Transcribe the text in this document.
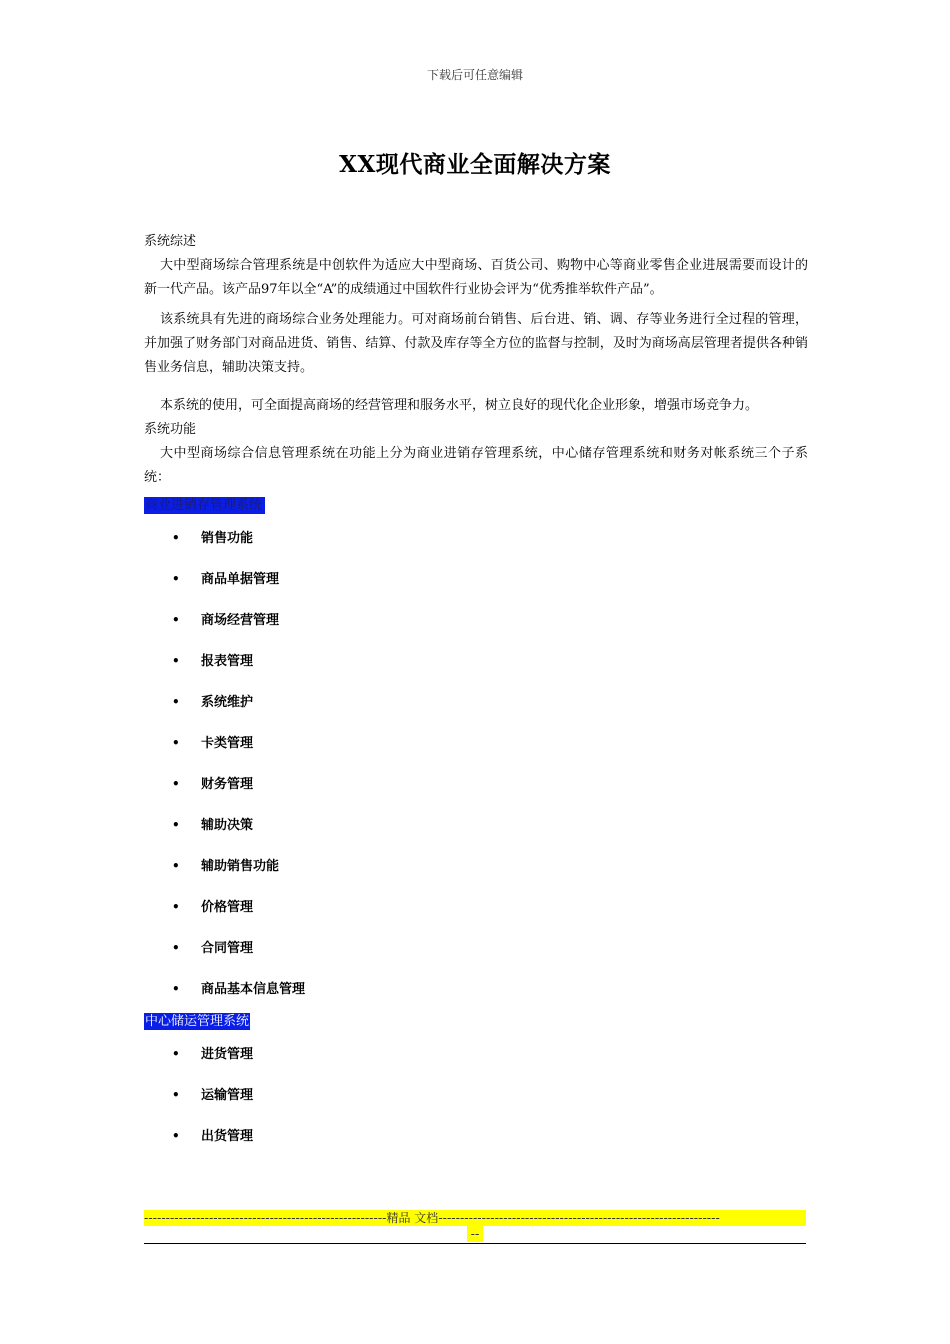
下载后可任意编辑
XX现代商业全面解决方案

系统综述

大中型商场综合管理系统是中创软件为适应大中型商场、百货公司、购物中心等商业零售企业进展需要而设计的新一代产品。该产品97年以全“A”的成绩通过中国软件行业协会评为“优秀推举软件产品”。

该系统具有先进的商场综合业务处理能力。可对商场前台销售、后台进、销、调、存等业务进行全过程的管理，并加强了财务部门对商品进货、销售、结算、付款及库存等全方位的监督与控制，及时为商场高层管理者提供各种销售业务信息，辅助决策支持。

本系统的使用，可全面提高商场的经营管理和服务水平，树立良好的现代化企业形象，增强市场竞争力。

系统功能

大中型商场综合信息管理系统在功能上分为商业进销存管理系统，中心储存管理系统和财务对帐系统三个子系统：

商业进销存管理系统
• 销售功能
• 商品单据管理
• 商场经营管理
• 报表管理
• 系统维护
• 卡类管理
• 财务管理
• 辅助决策
• 辅助销售功能
• 价格管理
• 合同管理
• 商品基本信息管理
中心储运管理系统
• 进货管理
• 运输管理
• 出货管理
--------------------------------------------------------精品 文档-----------------------------------------------------------------
--
